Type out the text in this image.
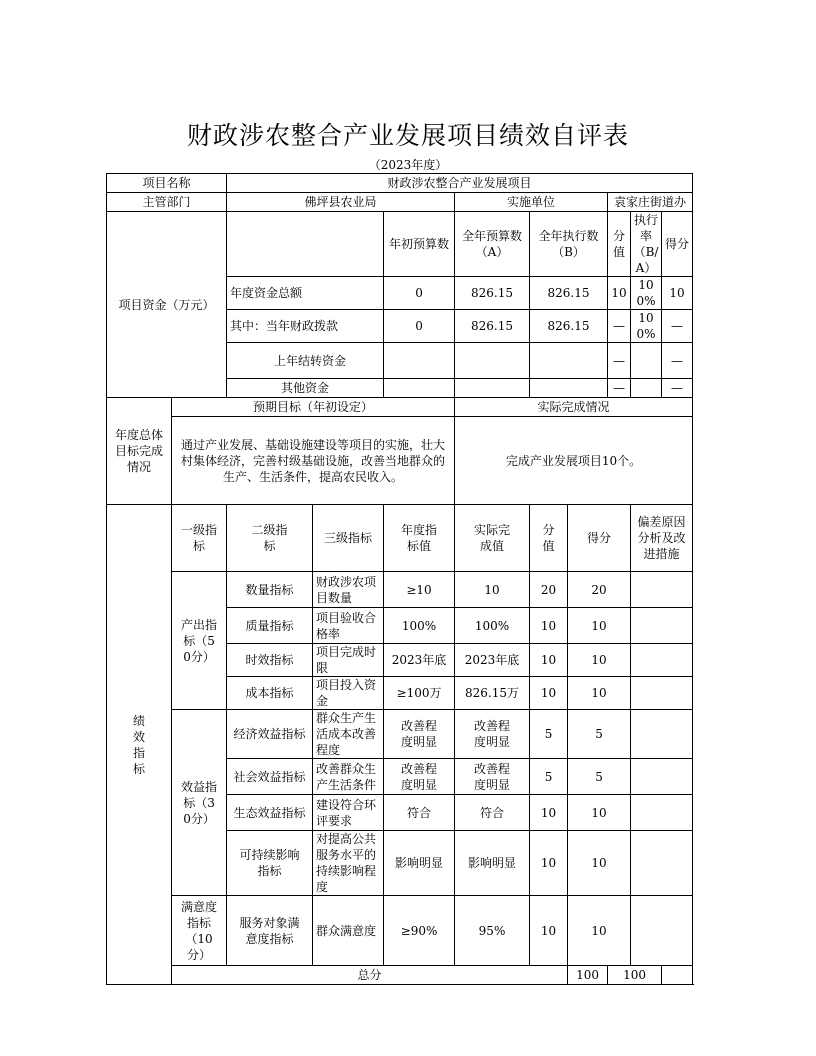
财政涉农整合产业发展项目绩效自评表
（2023年度）
项目名称		财政涉农整合产业发展项目								
主管部门		佛坪县农业局			实施单位			袁家庄街道办		
项目资金（万元）				年初预算数	全年预算数（A）	全年执行数（B）		分值	执行率（B/A）	得分
		年度资金总额		0	826.15	826.15		10	100%	10
		其中：当年财政拨款		0	826.15	826.15		—	100%	—
		上年结转资金						—		—
		其他资金						—		—
年度总体目标完成情况	预期目标（年初设定）				实际完成情况					
	通过产业发展、基础设施建设等项目的实施，壮大村集体经济，完善村级基础设施，改善当地群众的生产、生活条件，提高农民收入。				完成产业发展项目10个。					
绩效指标	一级指标	二级指标	三级指标	年度指标值	实际完成值	分值	得分		偏差原因分析及改进措施	
	产出指标（50分）	数量指标	财政涉农项目数量	≥10	10	20	20			
		质量指标	项目验收合格率	100%	100%	10	10			
		时效指标	项目完成时限	2023年底	2023年底	10	10			
		成本指标	项目投入资金	≥100万	826.15万	10	10			
	效益指标（30分）	经济效益指标	群众生产生活成本改善程度	改善程度明显	改善程度明显	5	5			
		社会效益指标	改善群众生产生活条件	改善程度明显	改善程度明显	5	5			
		生态效益指标	建设符合环评要求	符合	符合	10	10			
		可持续影响指标	对提高公共服务水平的持续影响程度	影响明显	影响明显	10	10			
	满意度指标（10分）	服务对象满意度指标	群众满意度	≥90%	95%	10	10			
	总分						100	100		
